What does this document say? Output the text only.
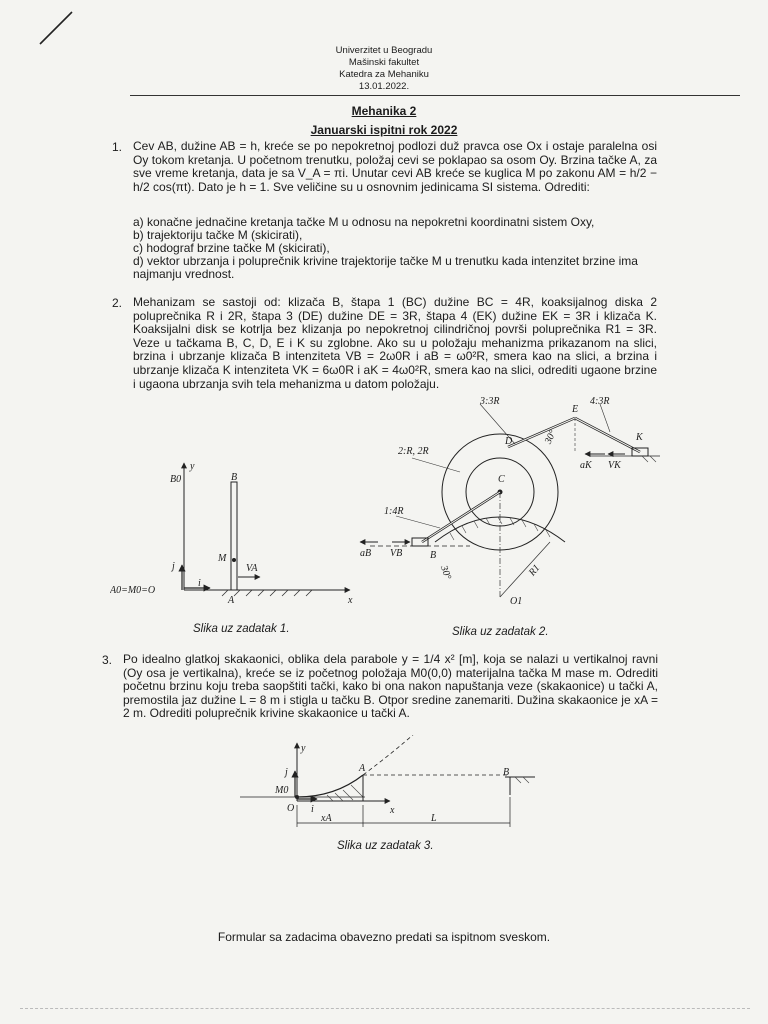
Univerzitet u Beogradu
Mašinski fakultet
Katedra za Mehaniku
13.01.2022.
Mehanika 2
Januarski ispitni rok 2022
1. Cev AB, dužine AB = h, kreće se po nepokretnoj podlozi duž pravca ose Ox i ostaje paralelna osi Oy tokom kretanja. U početnom trenutku, položaj cevi se poklapao sa osom Oy. Brzina tačke A, za sve vreme kretanja, data je sa V_A = πi. Unutar cevi AB kreće se kuglica M po zakonu AM = h/2 − h/2 cos(πt). Dato je h = 1. Sve veličine su u osnovnim jedinicama SI sistema. Odrediti:
a) konačne jednačine kretanja tačke M u odnosu na nepokretni koordinatni sistem Oxy,
b) trajektoriju tačke M (skicirati),
c) hodograf brzine tačke M (skicirati),
d) vektor ubrzanja i poluprečnik krivine trajektorije tačke M u trenutku kada intenzitet brzine ima najmanju vrednost.
2. Mehanizam se sastoji od: klizača B, štapa 1 (BC) dužine BC = 4R, koaksijalnog diska 2 poluprečnika R i 2R, štapa 3 (DE) dužine DE = 3R, štapa 4 (EK) dužine EK = 3R i klizača K. Koaksijalni disk se kotrlja bez klizanja po nepokretnoj cilindričnoj površi poluprečnika R1 = 3R. Veze u tačkama B, C, D, E i K su zglobne. Ako su u položaju mehanizma prikazanom na slici, brzina i ubrzanje klizača B intenziteta VB = 2ω0R i aB = ω0²R, smera kao na slici, a brzina i ubrzanje klizača K intenziteta VK = 6ω0R i aK = 4ω0²R, smera kao na slici, odrediti ugaone brzine i ugaona ubrzanja svih tela mehanizma u datom položaju.
y
B0	B
j
M
VA
A0=M0=O
i
A	x
Slika uz zadatak 1.
3:3R
E
4:3R
K
D	30°
aK VK
2:R, 2R
C
1:4R
aB VB	B
30°	R1
O1
Slika uz zadatak 2.
3. Po idealno glatkoj skakaonici, oblika dela parabole y = 1/4 x² [m], koja se nalazi u vertikalnoj ravni (Oy osa je vertikalna), kreće se iz početnog položaja M0(0,0) materijalna tačka M mase m. Odrediti početnu brzinu koju treba saopštiti tački, kako bi ona nakon napuštanja veze (skakaonice) u tački A, premostila jaz dužine L = 8 m i stigla u tačku B. Otpor sredine zanemariti. Dužina skakaonice je xA = 2 m. Odrediti poluprečnik krivine skakaonice u tački A.
y
j	A	B
M0
O i	x
xA	L
Slika uz zadatak 3.
Formular sa zadacima obavezno predati sa ispitnom sveskom.
